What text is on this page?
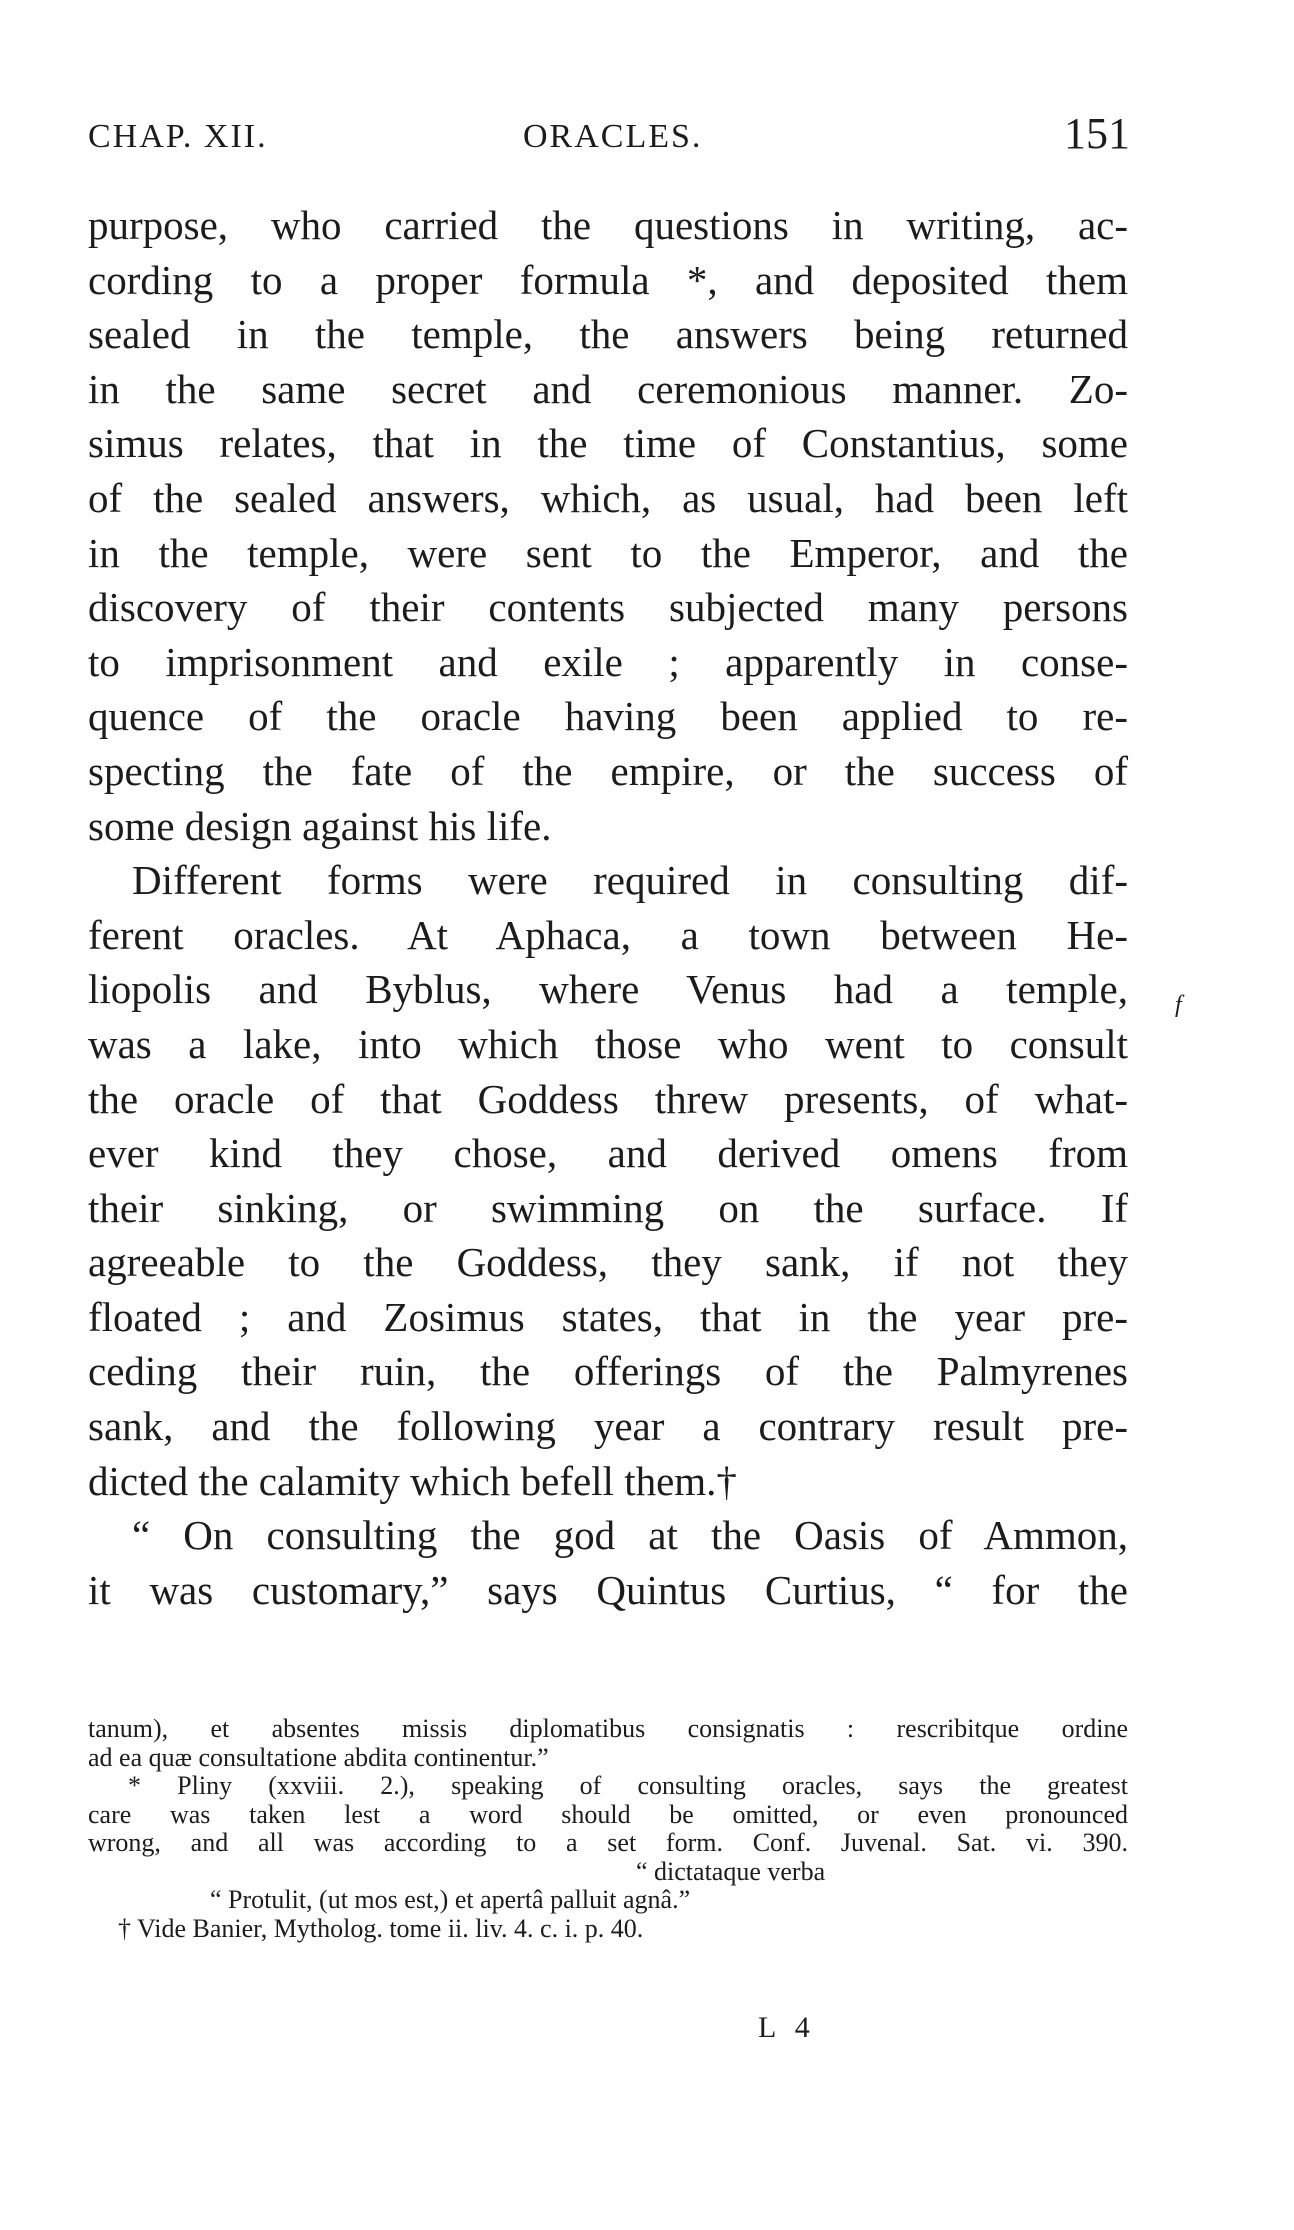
CHAP. XII.	ORACLES.	151
purpose, who carried the questions in writing, ac-
cording to a proper formula *, and deposited them
sealed in the temple, the answers being returned
in the same secret and ceremonious manner. Zo-
simus relates, that in the time of Constantius, some
of the sealed answers, which, as usual, had been left
in the temple, were sent to the Emperor, and the
discovery of their contents subjected many persons
to imprisonment and exile ; apparently in conse-
quence of the oracle having been applied to re-
specting the fate of the empire, or the success of
some design against his life.
Different forms were required in consulting dif-
ferent oracles. At Aphaca, a town between He-
liopolis and Byblus, where Venus had a temple,
was a lake, into which those who went to consult
the oracle of that Goddess threw presents, of what-
ever kind they chose, and derived omens from
their sinking, or swimming on the surface. If
agreeable to the Goddess, they sank, if not they
floated ; and Zosimus states, that in the year pre-
ceding their ruin, the offerings of the Palmyrenes
sank, and the following year a contrary result pre-
dicted the calamity which befell them.†
“ On consulting the god at the Oasis of Ammon,
it was customary,” says Quintus Curtius, “ for the
f
tanum), et absentes missis diplomatibus consignatis : rescribitque ordine
ad ea quæ consultatione abdita continentur.”
* Pliny (xxviii. 2.), speaking of consulting oracles, says the greatest
care was taken lest a word should be omitted, or even pronounced
wrong, and all was according to a set form. Conf. Juvenal. Sat. vi. 390.
“ dictataque verba
“ Protulit, (ut mos est,) et apertâ palluit agnâ.”
† Vide Banier, Mytholog. tome ii. liv. 4. c. i. p. 40.
L 4
